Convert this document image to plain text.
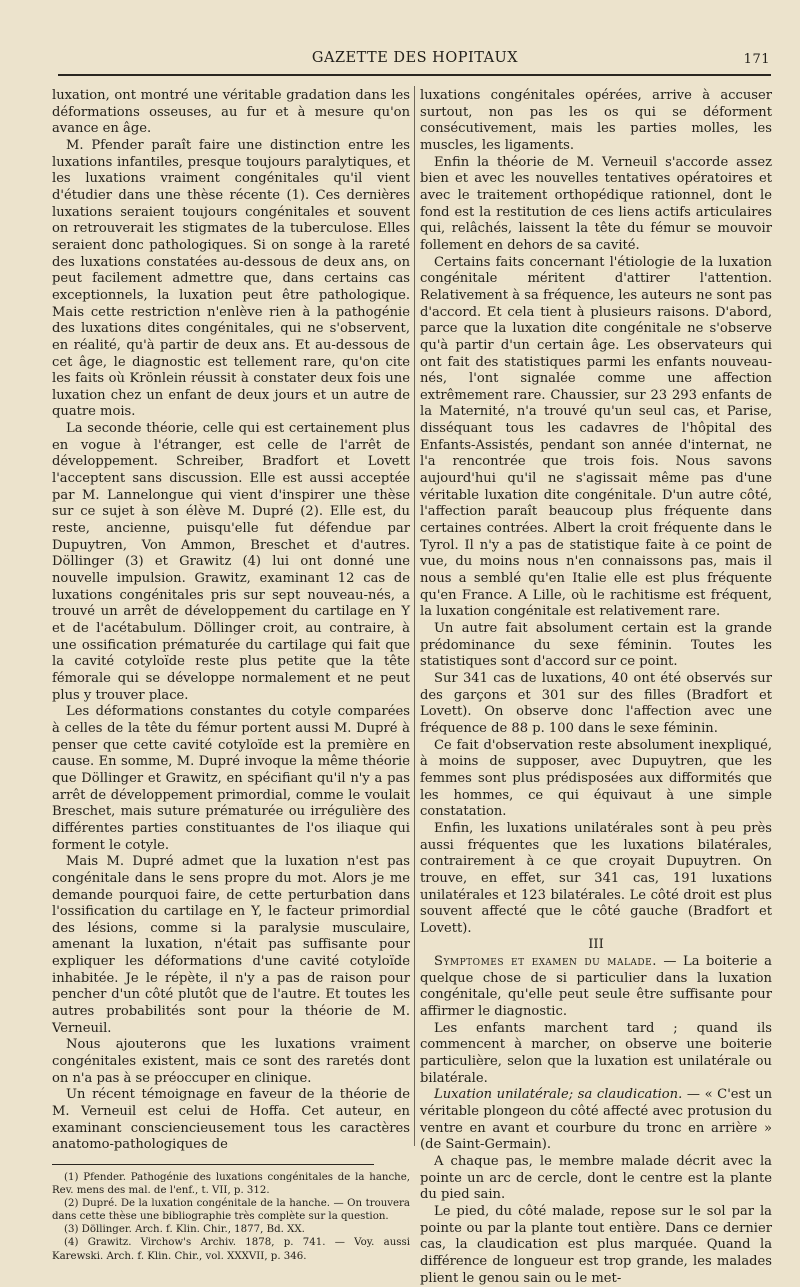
GAZETTE DES HOPITAUX	171

luxation, ont montré une véritable gradation dans les déformations osseuses, au fur et à mesure qu'on avance en âge.

M. Pfender paraît faire une distinction entre les luxations infantiles, presque toujours paralytiques, et les luxations vraiment congénitales qu'il vient d'étudier dans une thèse récente (1). Ces dernières luxations seraient toujours congénitales et souvent on retrouverait les stigmates de la tuberculose. Elles seraient donc pathologiques. Si on songe à la rareté des luxations constatées au-dessous de deux ans, on peut facilement admettre que, dans certains cas exceptionnels, la luxation peut être pathologique. Mais cette restriction n'enlève rien à la pathogénie des luxations dites congénitales, qui ne s'observent, en réalité, qu'à partir de deux ans. Et au-dessous de cet âge, le diagnostic est tellement rare, qu'on cite les faits où Krönlein réussit à constater deux fois une luxation chez un enfant de deux jours et un autre de quatre mois.

La seconde théorie, celle qui est certainement plus en vogue à l'étranger, est celle de l'arrêt de développement. Schreiber, Bradfort et Lovett l'acceptent sans discussion. Elle est aussi acceptée par M. Lannelongue qui vient d'inspirer une thèse sur ce sujet à son élève M. Dupré (2). Elle est, du reste, ancienne, puisqu'elle fut défendue par Dupuytren, Von Ammon, Breschet et d'autres. Döllinger (3) et Grawitz (4) lui ont donné une nouvelle impulsion. Grawitz, examinant 12 cas de luxations congénitales pris sur sept nouveau-nés, a trouvé un arrêt de développement du cartilage en Y et de l'acétabulum. Döllinger croit, au contraire, à une ossification prématurée du cartilage qui fait que la cavité cotyloïde reste plus petite que la tête fémorale qui se développe normalement et ne peut plus y trouver place.

Les déformations constantes du cotyle comparées à celles de la tête du fémur portent aussi M. Dupré à penser que cette cavité cotyloïde est la première en cause. En somme, M. Dupré invoque la même théorie que Döllinger et Grawitz, en spécifiant qu'il n'y a pas arrêt de développement primordial, comme le voulait Breschet, mais suture prématurée ou irrégulière des différentes parties constituantes de l'os iliaque qui forment le cotyle.

Mais M. Dupré admet que la luxation n'est pas congénitale dans le sens propre du mot. Alors je me demande pourquoi faire, de cette perturbation dans l'ossification du cartilage en Y, le facteur primordial des lésions, comme si la paralysie musculaire, amenant la luxation, n'était pas suffisante pour expliquer les déformations d'une cavité cotyloïde inhabitée. Je le répète, il n'y a pas de raison pour pencher d'un côté plutôt que de l'autre. Et toutes les autres probabilités sont pour la théorie de M. Verneuil.

Nous ajouterons que les luxations vraiment congénitales existent, mais ce sont des raretés dont on n'a pas à se préoccuper en clinique.

Un récent témoignage en faveur de la théorie de M. Verneuil est celui de Hoffa. Cet auteur, en examinant consciencieusement tous les caractères anatomo-pathologiques de

(1) Pfender. Pathogénie des luxations congénitales de la hanche, Rev. mens des mal. de l'enf., t. VII, p. 312.

(2) Dupré. De la luxation congénitale de la hanche. — On trouvera dans cette thèse une bibliographie très complète sur la question.

(3) Döllinger. Arch. f. Klin. Chir., 1877, Bd. XX.

(4) Grawitz. Virchow's Archiv. 1878, p. 741. — Voy. aussi Karewski. Arch. f. Klin. Chir., vol. XXXVII, p. 346.

luxations congénitales opérées, arrive à accuser surtout, non pas les os qui se déforment consécutivement, mais les parties molles, les muscles, les ligaments.

Enfin la théorie de M. Verneuil s'accorde assez bien et avec les nouvelles tentatives opératoires et avec le traitement orthopédique rationnel, dont le fond est la restitution de ces liens actifs articulaires qui, relâchés, laissent la tête du fémur se mouvoir follement en dehors de sa cavité.

Certains faits concernant l'étiologie de la luxation congénitale méritent d'attirer l'attention. Relativement à sa fréquence, les auteurs ne sont pas d'accord. Et cela tient à plusieurs raisons. D'abord, parce que la luxation dite congénitale ne s'observe qu'à partir d'un certain âge. Les observateurs qui ont fait des statistiques parmi les enfants nouveau-nés, l'ont signalée comme une affection extrêmement rare. Chaussier, sur 23 293 enfants de la Maternité, n'a trouvé qu'un seul cas, et Parise, disséquant tous les cadavres de l'hôpital des Enfants-Assistés, pendant son année d'internat, ne l'a rencontrée que trois fois. Nous savons aujourd'hui qu'il ne s'agissait même pas d'une véritable luxation dite congénitale. D'un autre côté, l'affection paraît beaucoup plus fréquente dans certaines contrées. Albert la croit fréquente dans le Tyrol. Il n'y a pas de statistique faite à ce point de vue, du moins nous n'en connaissons pas, mais il nous a semblé qu'en Italie elle est plus fréquente qu'en France. A Lille, où le rachitisme est fréquent, la luxation congénitale est relativement rare.

Un autre fait absolument certain est la grande prédominance du sexe féminin. Toutes les statistiques sont d'accord sur ce point.

Sur 341 cas de luxations, 40 ont été observés sur des garçons et 301 sur des filles (Bradfort et Lovett). On observe donc l'affection avec une fréquence de 88 p. 100 dans le sexe féminin.

Ce fait d'observation reste absolument inexpliqué, à moins de supposer, avec Dupuytren, que les femmes sont plus prédisposées aux difformités que les hommes, ce qui équivaut à une simple constatation.

Enfin, les luxations unilatérales sont à peu près aussi fréquentes que les luxations bilatérales, contrairement à ce que croyait Dupuytren. On trouve, en effet, sur 341 cas, 191 luxations unilatérales et 123 bilatérales. Le côté droit est plus souvent affecté que le côté gauche (Bradfort et Lovett).

III

Symptomes et examen du malade. — La boiterie a quelque chose de si particulier dans la luxation congénitale, qu'elle peut seule être suffisante pour affirmer le diagnostic.

Les enfants marchent tard ; quand ils commencent à marcher, on observe une boiterie particulière, selon que la luxation est unilatérale ou bilatérale.

Luxation unilatérale; sa claudication. — « C'est un véritable plongeon du côté affecté avec protusion du ventre en avant et courbure du tronc en arrière » (de Saint-Germain).

A chaque pas, le membre malade décrit avec la pointe un arc de cercle, dont le centre est la plante du pied sain.

Le pied, du côté malade, repose sur le sol par la pointe ou par la plante tout entière. Dans ce dernier cas, la claudication est plus marquée. Quand la différence de longueur est trop grande, les malades plient le genou sain ou le met-
